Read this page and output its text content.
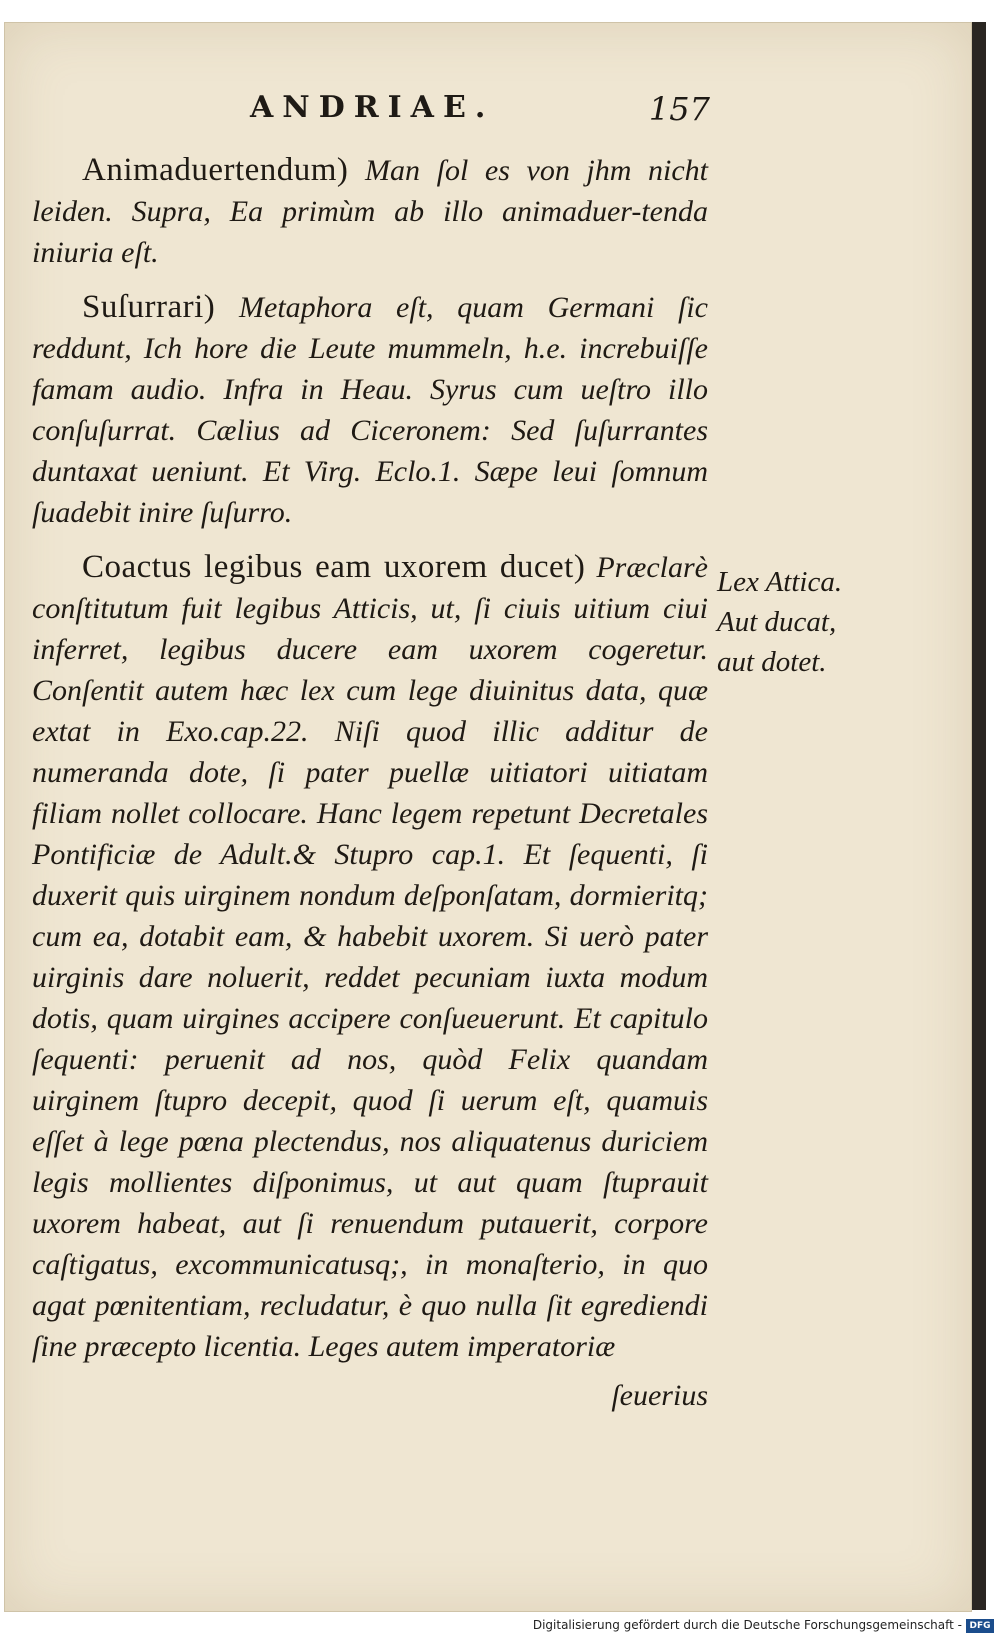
ANDRIAE.	157

Animaduertendum) Man ſol es von jhm nicht leiden. Supra, Ea primùm ab illo animaduer-tenda iniuria eſt.

Suſurrari) Metaphora eſt, quam Germani ſic reddunt, Ich hore die Leute mummeln, h.e. increbuiſſe famam audio. Infra in Heau. Syrus cum ueſtro illo conſuſurrat. Cælius ad Ciceronem: Sed ſuſurrantes duntaxat ueniunt. Et Virg. Eclo.1. Sæpe leui ſomnum ſuadebit inire ſuſurro.

Coactus legibus eam uxorem ducet) Præclarè conſtitutum fuit legibus Atticis, ut, ſi ciuis uitium ciui inferret, legibus ducere eam uxorem cogeretur. Conſentit autem hæc lex cum lege diuinitus data, quæ extat in Exo.cap.22. Niſi quod illic additur de numeranda dote, ſi pater puellæ uitiatori uitiatam filiam nollet collocare. Hanc legem repetunt Decretales Pontificiæ de Adult.& Stupro cap.1. Et ſequenti, ſi duxerit quis uirginem nondum deſponſatam, dormieritq; cum ea, dotabit eam, & habebit uxorem. Si uerò pater uirginis dare noluerit, reddet pecuniam iuxta modum dotis, quam uirgines accipere conſueuerunt. Et capitulo ſequenti: peruenit ad nos, quòd Felix quandam uirginem ſtupro decepit, quod ſi uerum eſt, quamuis eſſet à lege pœna plectendus, nos aliquatenus duriciem legis mollientes diſponimus, ut aut quam ſtuprauit uxorem habeat, aut ſi renuendum putauerit, corpore caſtigatus, excommunicatusq;, in monaſterio, in quo agat pœnitentiam, recludatur, è quo nulla ſit egrediendi ſine præcepto licentia. Leges autem imperatoriæ

ſeuerius

Lex Attica. Aut ducat, aut dotet.
Digitalisierung gefördert durch die Deutsche Forschungsgemeinschaft - DFG
